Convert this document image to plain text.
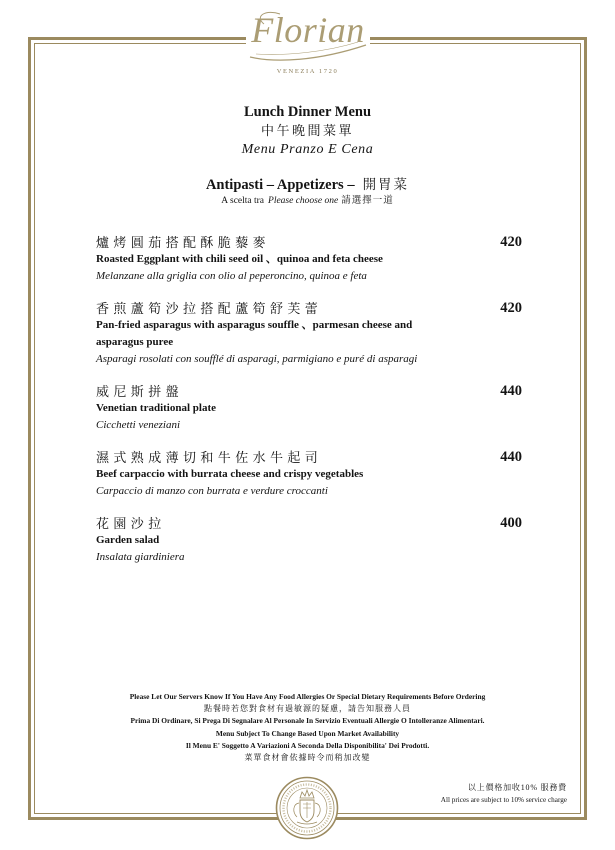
Florian
VENEZIA 1720
Lunch Dinner Menu
中午晚間菜單
Menu Pranzo E Cena
Antipasti – Appetizers – 開胃菜
A scelta tra Please choose one 請選擇一道
爐烤圓茄搭配酥脆藜麥	420
Roasted Eggplant with chili seed oil 、quinoa and feta cheese
Melanzane alla griglia con olio al peperoncino, quinoa e feta
香煎蘆筍沙拉搭配蘆筍舒芙蕾	420
Pan-fried asparagus with asparagus souffle 、parmesan cheese and asparagus puree
Asparagi rosolati con soufflé di asparagi, parmigiano e puré di asparagi
威尼斯拼盤	440
Venetian traditional plate
Cicchetti veneziani
濕式熟成薄切和牛佐水牛起司	440
Beef carpaccio with burrata cheese and crispy vegetables
Carpaccio di manzo con burrata e verdure croccanti
花園沙拉	400
Garden salad
Insalata giardiniera
Please Let Our Servers Know If You Have Any Food Allergies Or Special Dietary Requirements Before Ordering
點餐時若您對食材有過敏源的疑慮，請告知服務人員
Prima Di Ordinare, Si Prega Di Segnalare Al Personale In Servizio Eventuali Allergie O Intolleranze Alimentari.
Menu Subject To Change Based Upon Market Availability
Il Menu E' Soggetto A Variazioni A Seconda Della Disponibilita' Dei Prodotti.
菜單食材會依據時令而稍加改變
以上價格加收10% 服務費
All prices are subject to 10% service charge
